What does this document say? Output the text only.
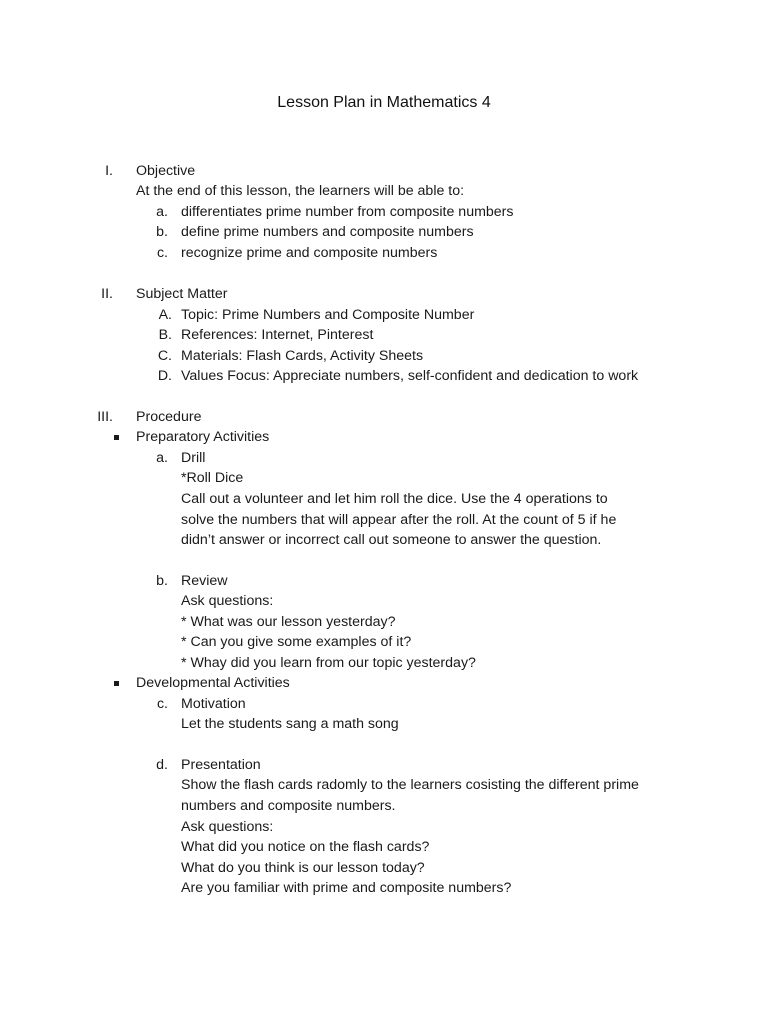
Lesson Plan in Mathematics 4
I. Objective
At the end of this lesson, the learners will be able to:
a. differentiates prime number from composite numbers
b. define prime numbers and composite numbers
c. recognize prime and composite numbers
II. Subject Matter
A. Topic: Prime Numbers and Composite Number
B. References: Internet, Pinterest
C. Materials: Flash Cards, Activity Sheets
D. Values Focus: Appreciate numbers, self-confident and dedication to work
III. Procedure
Preparatory Activities
a. Drill
*Roll Dice
Call out a volunteer and let him roll the dice. Use the 4 operations to
solve the numbers that will appear after the roll. At the count of 5 if he
didn’t answer or incorrect call out someone to answer the question.
b. Review
Ask questions:
* What was our lesson yesterday?
* Can you give some examples of it?
* Whay did you learn from our topic yesterday?
Developmental Activities
c. Motivation
Let the students sang a math song
d. Presentation
Show the flash cards radomly to the learners cosisting the different prime
numbers and composite numbers.
Ask questions:
What did you notice on the flash cards?
What do you think is our lesson today?
Are you familiar with prime and composite numbers?
